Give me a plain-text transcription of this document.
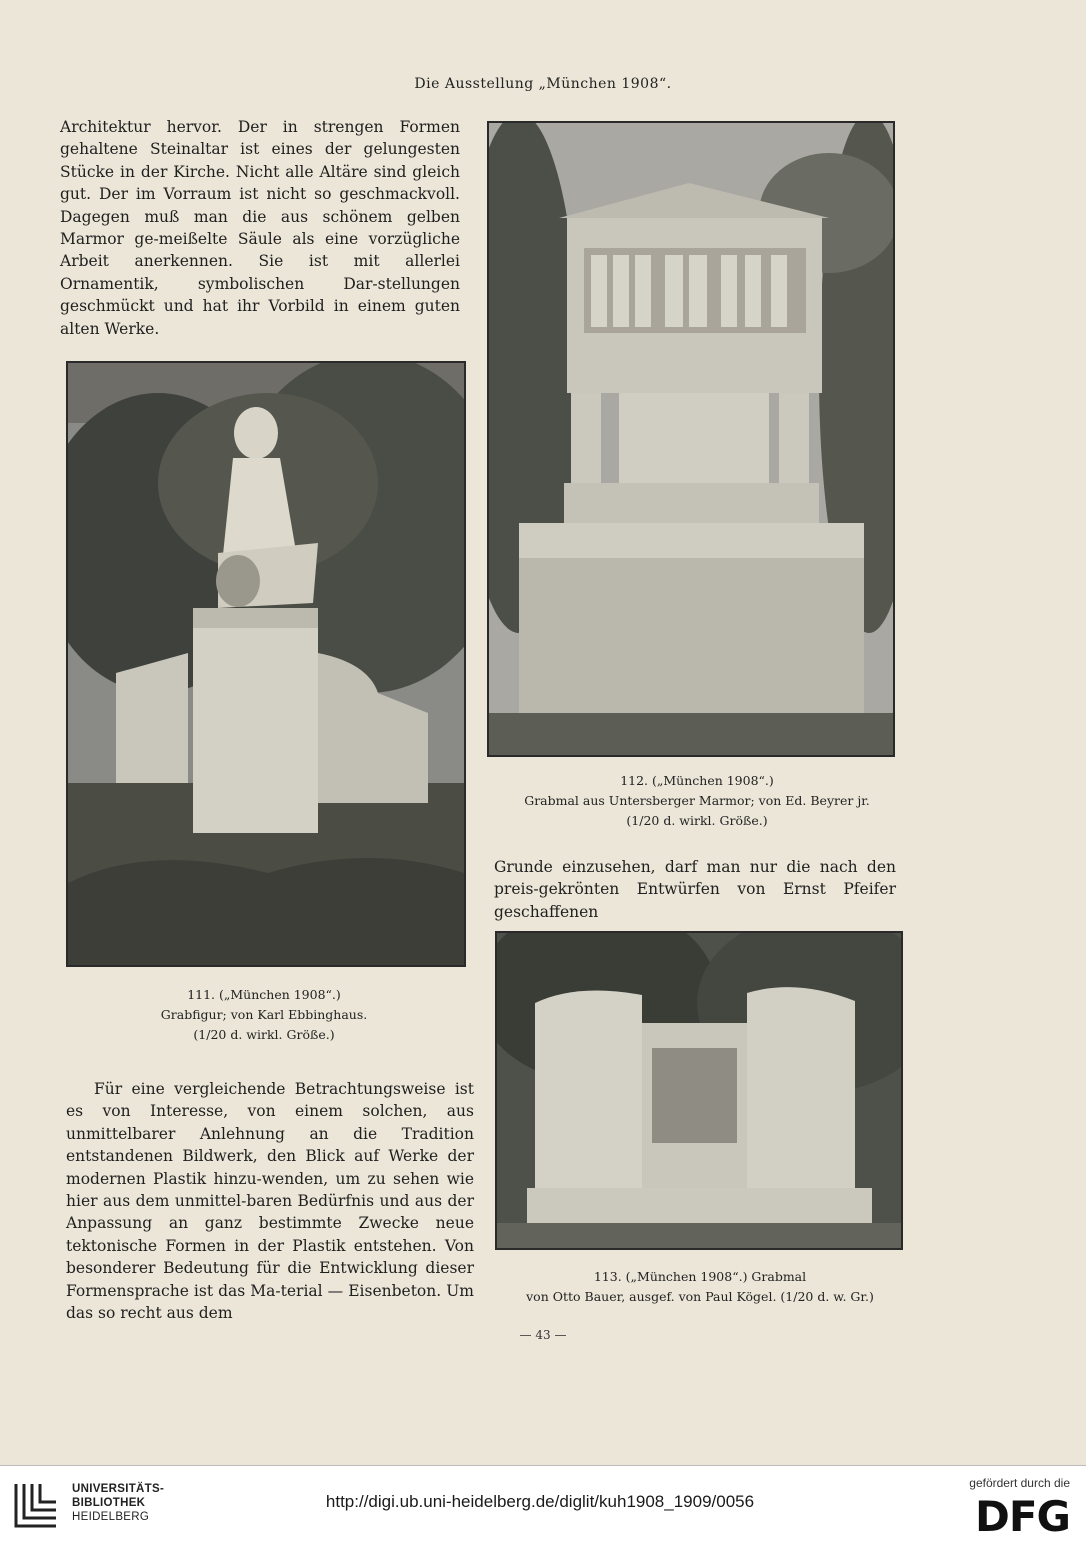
Die Ausstellung „München 1908“.

Architektur hervor. Der in strengen Formen gehaltene Steinaltar ist eines der gelungesten Stücke in der Kirche. Nicht alle Altäre sind gleich gut. Der im Vorraum ist nicht so geschmackvoll. Dagegen muß man die aus schönem gelben Marmor ge-meißelte Säule als eine vorzügliche Arbeit anerkennen. Sie ist mit allerlei Ornamentik, symbolischen Dar-stellungen geschmückt und hat ihr Vorbild in einem guten alten Werke.

111. („München 1908“.)
Grabfigur; von Karl Ebbinghaus.
(1/20 d. wirkl. Größe.)
112. („München 1908“.)
Grabmal aus Untersberger Marmor; von Ed. Beyrer jr.
(1/20 d. wirkl. Größe.)

Grunde einzusehen, darf man nur die nach den preis-gekrönten Entwürfen von Ernst Pfeifer geschaffenen

113. („München 1908“.) Grabmal
von Otto Bauer, ausgef. von Paul Kögel. (1/20 d. w. Gr.)

Für eine vergleichende Betrachtungsweise ist es von Interesse, von einem solchen, aus unmittelbarer Anlehnung an die Tradition entstandenen Bildwerk, den Blick auf Werke der modernen Plastik hinzu-wenden, um zu sehen wie hier aus dem unmittel-baren Bedürfnis und aus der Anpassung an ganz bestimmte Zwecke neue tektonische Formen in der Plastik entstehen. Von besonderer Bedeutung für die Entwicklung dieser Formensprache ist das Ma-terial — Eisenbeton. Um das so recht aus dem

— 43 —
UNIVERSITÄTS-
BIBLIOTHEK
HEIDELBERG
http://digi.ub.uni-heidelberg.de/diglit/kuh1908_1909/0056
gefördert durch die
DFG
